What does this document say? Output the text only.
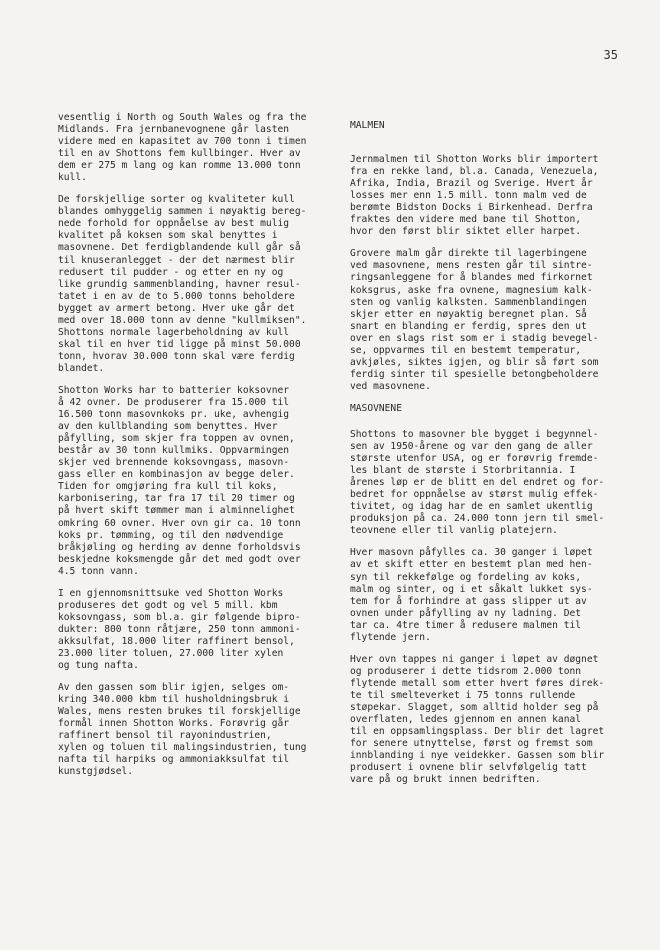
35

vesentlig i North og South Wales og fra the
Midlands. Fra jernbanevognene går lasten
videre med en kapasitet av 700 tonn i timen
til en av Shottons fem kullbinger. Hver av
dem er 275 m lang og kan romme 13.000 tonn
kull.

De forskjellige sorter og kvaliteter kull
blandes omhyggelig sammen i nøyaktig bereg-
nede forhold for oppnåelse av best mulig
kvalitet på koksen som skal benyttes i
masovnene. Det ferdigblandende kull går så
til knuseranlegget - der det nærmest blir
redusert til pudder - og etter en ny og
like grundig sammenblanding, havner resul-
tatet i en av de to 5.000 tonns beholdere
bygget av armert betong. Hver uke går det
med over 18.000 tonn av denne "kullmiksen".
Shottons normale lagerbeholdning av kull
skal til en hver tid ligge på minst 50.000
tonn, hvorav 30.000 tonn skal være ferdig
blandet.

Shotton Works har to batterier koksovner
å 42 ovner. De produserer fra 15.000 til
16.500 tonn masovnkoks pr. uke, avhengig
av den kullblanding som benyttes. Hver
påfylling, som skjer fra toppen av ovnen,
består av 30 tonn kullmiks. Oppvarmingen
skjer ved brennende koksovngass, masovn-
gass eller en kombinasjon av begge deler.
Tiden for omgjøring fra kull til koks,
karbonisering, tar fra 17 til 20 timer og
på hvert skift tømmer man i alminnelighet
omkring 60 ovner. Hver ovn gir ca. 10 tonn
koks pr. tømming, og til den nødvendige
bråkjøling og herding av denne forholdsvis
beskjedne koksmengde går det med godt over
4.5 tonn vann.

I en gjennomsnittsuke ved Shotton Works
produseres det godt og vel 5 mill. kbm
koksovngass, som bl.a. gir følgende bipro-
dukter: 800 tonn råtjære, 250 tonn ammoni-
akksulfat, 18.000 liter raffinert bensol,
23.000 liter toluen, 27.000 liter xylen
og tung nafta.

Av den gassen som blir igjen, selges om-
kring 340.000 kbm til husholdningsbruk i
Wales, mens resten brukes til forskjellige
formål innen Shotton Works. Forøvrig går
raffinert bensol til rayonindustrien,
xylen og toluen til malingsindustrien, tung
nafta til harpiks og ammoniakksulfat til
kunstgjødsel.

MALMEN

Jernmalmen til Shotton Works blir importert
fra en rekke land, bl.a. Canada, Venezuela,
Afrika, India, Brazil og Sverige. Hvert år
losses mer enn 1.5 mill. tonn malm ved de
berømte Bidston Docks i Birkenhead. Derfra
fraktes den videre med bane til Shotton,
hvor den først blir siktet eller harpet.

Grovere malm går direkte til lagerbingene
ved masovnene, mens resten går til sintre-
ringsanleggene for å blandes med firkornet
koksgrus, aske fra ovnene, magnesium kalk-
sten og vanlig kalksten. Sammenblandingen
skjer etter en nøyaktig beregnet plan. Så
snart en blanding er ferdig, spres den ut
over en slags rist som er i stadig bevegel-
se, oppvarmes til en bestemt temperatur,
avkjøles, siktes igjen, og blir så ført som
ferdig sinter til spesielle betongbeholdere
ved masovnene.

MASOVNENE

Shottons to masovner ble bygget i begynnel-
sen av 1950-årene og var den gang de aller
største utenfor USA, og er forøvrig fremde-
les blant de største i Storbritannia. I
årenes løp er de blitt en del endret og for-
bedret for oppnåelse av størst mulig effek-
tivitet, og idag har de en samlet ukentlig
produksjon på ca. 24.000 tonn jern til smel-
teovnene eller til vanlig platejern.

Hver masovn påfylles ca. 30 ganger i løpet
av et skift etter en bestemt plan med hen-
syn til rekkefølge og fordeling av koks,
malm og sinter, og i et såkalt lukket sys-
tem for å forhindre at gass slipper ut av
ovnen under påfylling av ny ladning. Det
tar ca. 4tre timer å redusere malmen til
flytende jern.

Hver ovn tappes ni ganger i løpet av døgnet
og produserer i dette tidsrom 2.000 tonn
flytende metall som etter hvert føres direk-
te til smelteverket i 75 tonns rullende
støpekar. Slagget, som alltid holder seg på
overflaten, ledes gjennom en annen kanal
til en oppsamlingsplass. Der blir det lagret
for senere utnyttelse, først og fremst som
innblanding i nye veidekker. Gassen som blir
produsert i ovnene blir selvfølgelig tatt
vare på og brukt innen bedriften.
